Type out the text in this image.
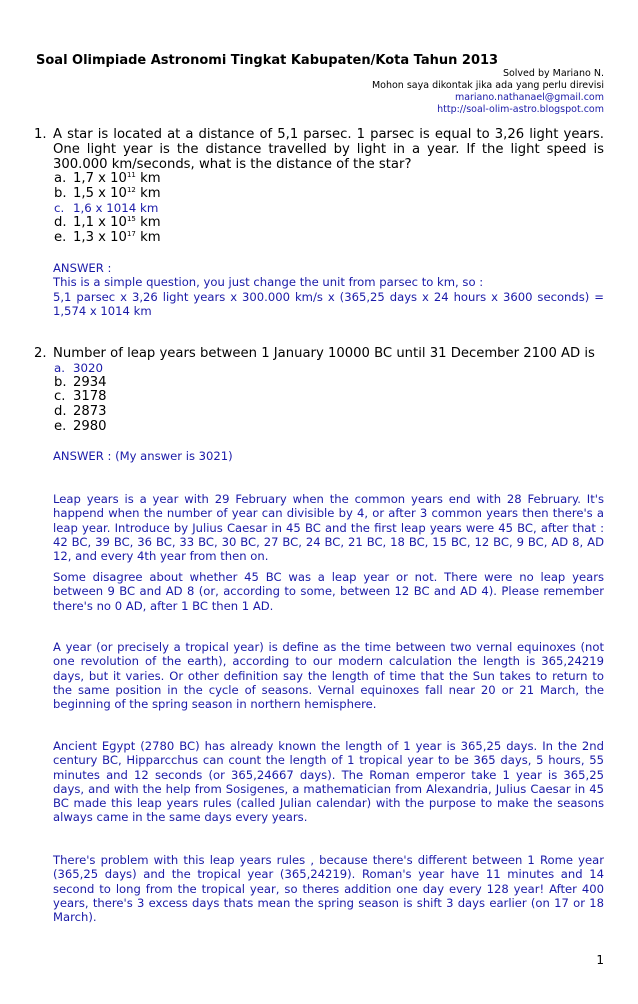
Soal Olimpiade Astronomi Tingkat Kabupaten/Kota Tahun 2013
Solved by Mariano N.
Mohon saya dikontak jika ada yang perlu direvisi
mariano.nathanael@gmail.com
http://soal-olim-astro.blogspot.com
1. A star is located at a distance of 5,1 parsec. 1 parsec is equal to 3,26 light years. One light year is the distance travelled by light in a year. If the light speed is 300.000 km/seconds, what is the distance of the star?
a. 1,7 x $10^{11}$ km
b. 1,5 x $10^{12}$ km
c. 1,6 x 1014 km
d. 1,1 x $10^{15}$ km
e. 1,3 x $10^{17}$ km
ANSWER :
This is a simple question, you just change the unit from parsec to km, so :
5,1 parsec x 3,26 light years x 300.000 km/s x (365,25 days x 24 hours x 3600 seconds) = 1,574 x 1014 km
2. Number of leap years between 1 January 10000 BC until 31 December 2100 AD is
a. 3020
b. 2934
c. 3178
d. 2873
e. 2980
ANSWER : (My answer is 3021)
Leap years is a year with 29 February when the common years end with 28 February. It's happend when the number of year can divisible by 4, or after 3 common years then there's a leap year. Introduce by Julius Caesar in 45 BC and the first leap years were 45 BC, after that : 42 BC, 39 BC, 36 BC, 33 BC, 30 BC, 27 BC, 24 BC, 21 BC, 18 BC, 15 BC, 12 BC, 9 BC, AD 8, AD 12, and every 4th year from then on.
Some disagree about whether 45 BC was a leap year or not. There were no leap years between 9 BC and AD 8 (or, according to some, between 12 BC and AD 4). Please remember there's no 0 AD, after 1 BC then 1 AD.
A year (or precisely a tropical year) is define as the time between two vernal equinoxes (not one revolution of the earth), according to our modern calculation the length is 365,24219 days, but it varies. Or other definition say the length of time that the Sun takes to return to the same position in the cycle of seasons. Vernal equinoxes fall near 20 or 21 March, the beginning of the spring season in northern hemisphere.
Ancient Egypt (2780 BC) has already known the length of 1 year is 365,25 days. In the 2nd century BC, Hipparcchus can count the length of 1 tropical year to be 365 days, 5 hours, 55 minutes and 12 seconds (or 365,24667 days). The Roman emperor take 1 year is 365,25 days, and with the help from Sosigenes, a mathematician from Alexandria, Julius Caesar in 45 BC made this leap years rules (called Julian calendar) with the purpose to make the seasons always came in the same days every years.
There's problem with this leap years rules , because there's different between 1 Rome year (365,25 days) and the tropical year (365,24219). Roman's year have 11 minutes and 14 second to long from the tropical year, so theres addition one day every 128 year! After 400 years, there's 3 excess days thats mean the spring season is shift 3 days earlier (on 17 or 18 March).
1
